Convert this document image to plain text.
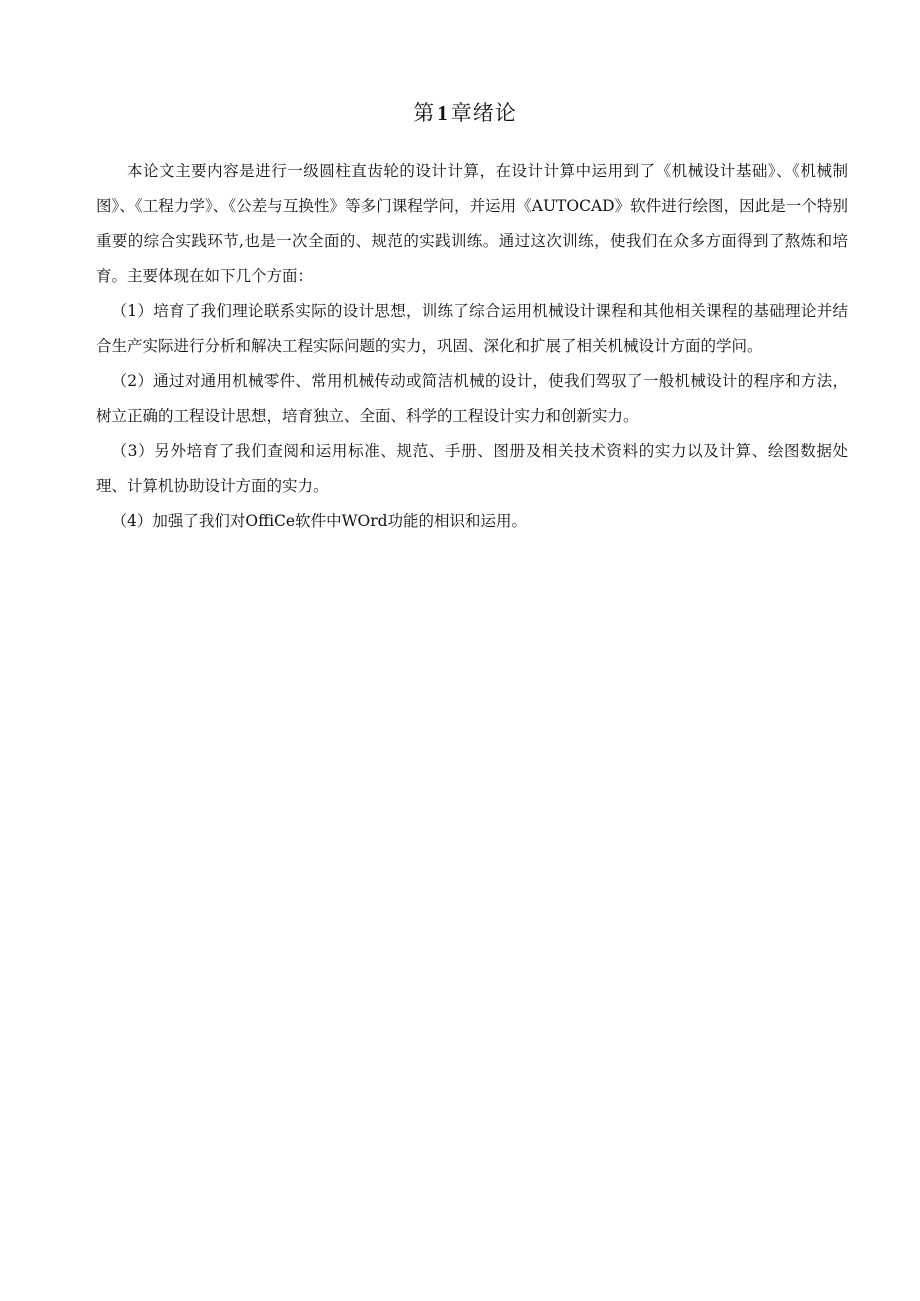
第1章绪论

本论文主要内容是进行一级圆柱直齿轮的设计计算，在设计计算中运用到了《机械设计基础》、《机械制图》、《工程力学》、《公差与互换性》等多门课程学问，并运用《AUTOCAD》软件进行绘图，因此是一个特别重要的综合实践环节,也是一次全面的、规范的实践训练。通过这次训练，使我们在众多方面得到了熬炼和培育。主要体现在如下几个方面：

（1）培育了我们理论联系实际的设计思想，训练了综合运用机械设计课程和其他相关课程的基础理论并结合生产实际进行分析和解决工程实际问题的实力，巩固、深化和扩展了相关机械设计方面的学问。

（2）通过对通用机械零件、常用机械传动或简洁机械的设计，使我们驾驭了一般机械设计的程序和方法，树立正确的工程设计思想，培育独立、全面、科学的工程设计实力和创新实力。

（3）另外培育了我们查阅和运用标准、规范、手册、图册及相关技术资料的实力以及计算、绘图数据处理、计算机协助设计方面的实力。

（4）加强了我们对OffiCe软件中WOrd功能的相识和运用。
